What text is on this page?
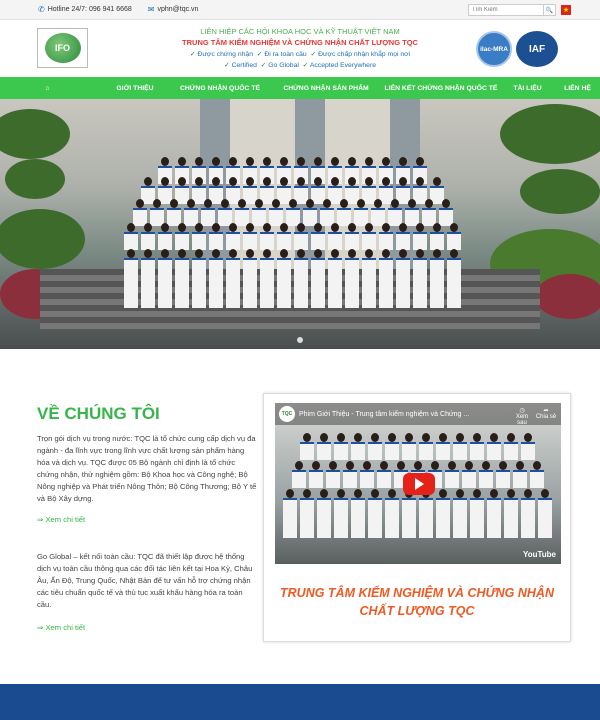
✆ Hotline 24/7: 096 941 6668 ✉ vphn@tqc.vn
Tìm Kiếm	🔍 ★
IFO
LIÊN HIỆP CÁC HỘI KHOA HỌC VÀ KỸ THUẬT VIỆT NAM
TRUNG TÂM KIỂM NGHIỆM VÀ CHỨNG NHẬN CHẤT LƯỢNG TQC
✓ Được chứng nhận ✓ Đi ra toàn cầu ✓ Được chấp nhận khắp mọi nơi
✓ Certified ✓ Go Global ✓ Accepted Everywhere
ilac-MRA	IAF
⌂	GIỚI THIỆU	CHỨNG NHẬN QUỐC TẾ	CHỨNG NHẬN SẢN PHẨM	LIÊN KẾT CHỨNG NHẬN QUỐC TẾ	TÀI LIỆU	LIÊN HỆ
VỀ CHÚNG TÔI

Trọn gói dịch vụ trong nước: TQC là tổ chức cung cấp dịch vụ đa ngành - đa lĩnh vực trong lĩnh vực chất lượng sản phẩm hàng hóa và dịch vụ. TQC được 05 Bộ ngành chỉ định là tổ chức chứng nhận, thử nghiệm gồm: Bộ Khoa học và Công nghệ; Bộ Nông nghiệp và Phát triển Nông Thôn; Bộ Công Thương; Bộ Y tế và Bộ Xây dựng.

⇒ Xem chi tiết

Go Global – kết nối toàn cầu: TQC đã thiết lập được hệ thống dịch vụ toàn cầu thông qua các đối tác liên kết tại Hoa Kỳ, Châu Âu, Ấn Độ, Trung Quốc, Nhật Bản để tư vấn hỗ trợ chứng nhận các tiêu chuẩn quốc tế và thủ tục xuất khẩu hàng hóa ra toàn cầu.

⇒ Xem chi tiết
TQC Phim Giới Thiệu - Trung tâm kiểm nghiệm và Chứng ...	◷
Xem sau
➦
Chia sẻ
YouTube
TRUNG TÂM KIỂM NGHIỆM VÀ CHỨNG NHẬN
CHẤT LƯỢNG TQC
